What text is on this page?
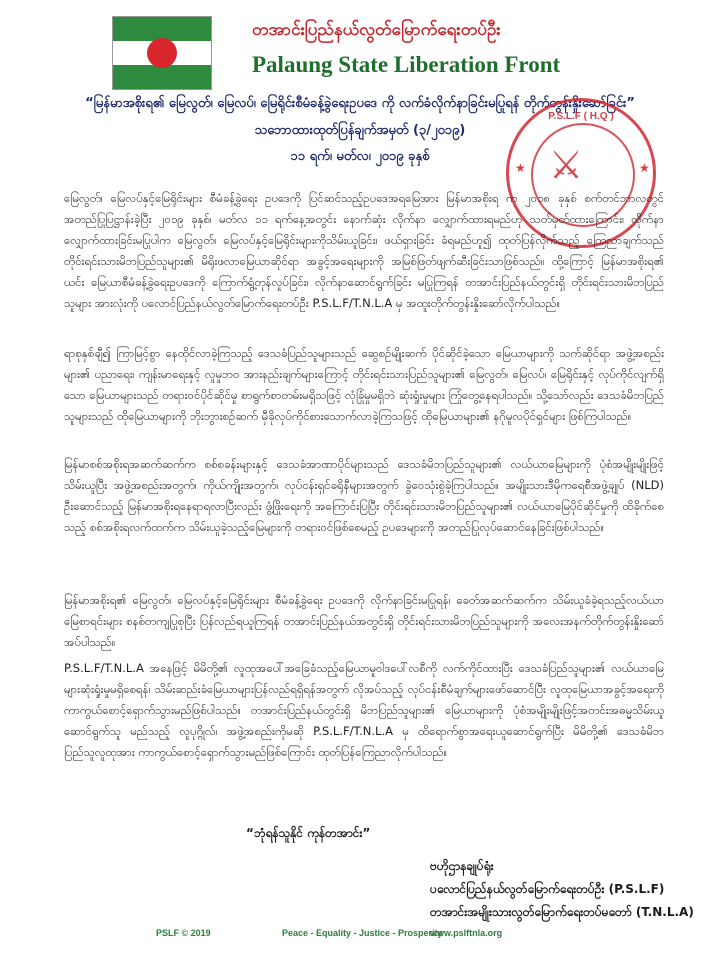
တအာင်းပြည်နယ်လွတ်မြောက်ရေးတပ်ဦး
Palaung State Liberation Front
“မြန်မာအစိုးရ၏ မြေလွတ်၊ မြေလပ်၊ မြေရိုင်းစီမံခန့်ခွဲရေးဥပဒေ ကို လက်ခံလိုက်နာခြင်းမပြုရန် တိုက်တွန်းနှိုးဆော်ခြင်း”
သဘောထားထုတ်ပြန်ချက်အမှတ် (၃/၂၀၁၉)
၁၁ ရက်၊ မတ်လ၊ ၂၀၁၉ ခုနှစ်
P.S.L.F ( H.Q )
★	★
⚔
မြေလွတ်၊ မြေလပ်နှင့်မြေရိုင်းများ စီမံခန့်ခွဲရေး ဥပဒေကို ပြင်ဆင်သည့်ဥပဒေအရမြေအား မြန်မာအစိုးရ က ၂၀၁၈ ခုနှစ် စက်တင်ဘာလတွင် အတည်ပြုပြဋ္ဌာန်းခဲ့ပြီး ၂၀၁၉ ခုနှစ်၊ မတ်လ ၁၁ ရက်နေ့အတွင်း နောက်ဆုံး လိုက်နာ လျှောက်ထားရမည်ဟု သတ်မှတ်ထားကြောင်း၊ လိုက်နာလျှောက်ထားခြင်းမပြုပါက မြေလွတ်၊ မြေလပ်နှင့်မြေရိုင်းများကိုသိမ်းယူခြင်း၊ ဖယ်ရှားခြင်း ခံရမည်ဟူ၍ ထုတ်ပြန်လိုက်သည့် ကြေညာချက်သည် တိုင်းရင်းသားမိဘပြည်သူများ၏ မိရိုးဖလာမြေယာဆိုင်ရာ အခွင့်အရေးများကို အမြစ်ဖြတ်ဖျက်ဆီးခြင်းသာဖြစ်သည်။ ထို့ကြောင့် မြန်မာအစိုးရ၏ ယင်း မြေယာစီမံခန့်ခွဲရေးဥပဒေကို ကြောက်ရွံ့တုန်လှုပ်ခြင်း၊ လိုက်နာဆောင်ရွက်ခြင်း မပြုကြရန် တအာင်းပြည်နယ်တွင်းရှိ တိုင်းရင်းသားမိဘပြည်သူများ အားလုံးကို ပလောင်ပြည်နယ်လွတ်မြောက်ရေးတပ်ဦး P.S.L.F/T.N.L.A မှ အထူးတိုက်တွန်းနှိုးဆော်လိုက်ပါသည်။
ရာစုနှစ်ချီ၍ ကြာမြင့်စွာ နေထိုင်လာခဲ့ကြသည့် ဒေသခံပြည်သူများသည် ဆွေစဉ်မျိုးဆက် ပိုင်ဆိုင်ခဲ့သော မြေယာများကို သက်ဆိုင်ရာ အဖွဲ့အစည်းများ၏ ပညာရေး၊ ကျန်းမာရေးနှင့် လူမှုဘဝ အားနည်းချက်များကြောင့် တိုင်းရင်းသားပြည်သူများ၏ မြေလွတ်၊ မြေလပ်၊ မြေရိုင်းနှင့် လုပ်ကိုင်လျက်ရှိသော မြေယာများသည် တရားဝင်ပိုင်ဆိုင်မှု စာရွက်စာတမ်းမရှိသဖြင့် လုံခြုံမှုမရှိဘဲ ဆုံးရှုံးမှုများ ကြုံတွေ့နေရပါသည်။ သို့သော်လည်း ဒေသခံမိဘပြည်သူများသည် ထိုမြေယာများကို ဘိုးဘွားစဉ်ဆက် မှီခိုလုပ်ကိုင်စားသောက်လာခဲ့ကြသဖြင့် ထိုမြေယာများ၏ နဂိုမူလပိုင်ရှင်များ ဖြစ်ကြပါသည်။
မြန်မာစစ်အစိုးရအဆက်ဆက်က စစ်စခန်းများနှင့် ဒေသခံအာဏာပိုင်များသည် ဒေသခံမိဘပြည်သူများ၏ လယ်ယာမြေများကို ပုံစံအမျိုးမျိုးဖြင့် သိမ်းယူပြီး အဖွဲ့အစည်းအတွက်၊ ကိုယ်ကျိုးအတွက်၊ လုပ်ငန်းရှင်ခရိုနီများအတွက် ခွဲဝေသုံးစွဲခဲ့ကြပါသည်။ အမျိုးသားဒီမိုကရေစီအဖွဲ့ချုပ် (NLD) ဦးဆောင်သည့် မြန်မာအစိုးရနေရာရလာပြီးလည်း ဖွံ့ဖြိုးရေးကို အကြောင်းပြပြီး တိုင်းရင်းသားမိဘပြည်သူများ၏ လယ်ယာမြေပိုင်ဆိုင်မှုကို ထိခိုက်စေသည့် စစ်အစိုးရလက်ထက်က သိမ်းယူခဲ့သည့်မြေများကို တရားဝင်ဖြစ်စေမည့် ဥပဒေများကို အတည်ပြုလုပ်ဆောင်နေခြင်းဖြစ်ပါသည်။
မြန်မာအစိုးရ၏ မြေလွတ်၊ မြေလပ်နှင့်မြေရိုင်းများ စီမံခန့်ခွဲရေး ဥပဒေကို လိုက်နာခြင်းမပြုရန်၊ ခေတ်အဆက်ဆက်က သိမ်းယူခံခဲ့ရသည့်လယ်ယာမြေစာရင်းများ စနစ်တကျပြုစုပြီး ပြန်လည်ရယူကြရန် တအာင်းပြည်နယ်အတွင်းရှိ တိုင်းရင်းသားမိဘပြည်သူများကို အလေးအနက်တိုက်တွန်းနှိုးဆော်အပ်ပါသည်။
P.S.L.F/T.N.L.A အနေဖြင့် မိမိတို့၏ လူထုအပေါ်အခြေခံသည့်မြေယာမူဝါဒပေါ်လစီကို လက်ကိုင်ထားပြီး ဒေသခံပြည်သူများ၏ လယ်ယာမြေများဆုံးရှုံးမှုမရှိစေရန်၊ သိမ်းဆည်းခံမြေယာများပြန်လည်ရရှိရန်အတွက် လိုအပ်သည့် လုပ်ငန်းစီမံချက်များဖော်ဆောင်ပြီး လူထုမြေယာအခွင့်အရေးကို ကာကွယ်စောင့်ရှောက်သွားမည်ဖြစ်ပါသည်။ တအာင်းပြည်နယ်တွင်းရှိ မိဘပြည်သူများ၏ မြေယာများကို ပုံစံအမျိုးမျိုးဖြင့်အတင်းအဓမ္မသိမ်းယူဆောင်ရွက်သူ မည်သည့် လူပုဂ္ဂိုလ်၊ အဖွဲ့အစည်းကိုမဆို P.S.L.F/T.N.L.A မှ ထိရောက်စွာအရေးယူဆောင်ရွက်ပြီး မိမိတို့၏ ဒေသခံမိဘပြည်သူလူထုအား ကာကွယ်စောင့်ရှောက်သွားမည်ဖြစ်ကြောင်း ထုတ်ပြန်ကြေညာလိုက်ပါသည်။
“ဘုံရန်သူနိုင် ကုန်တအာင်း”
ဗဟိုဌာနချုပ်ရုံး
ပလောင်ပြည်နယ်လွတ်မြောက်ရေးတပ်ဦး (P.S.L.F)
တအာင်းအမျိုးသားလွတ်မြောက်ရေးတပ်မတော် (T.N.L.A)
PSLF © 2019	Peace - Equality - Justice - Prosperity
www.pslftnla.org
